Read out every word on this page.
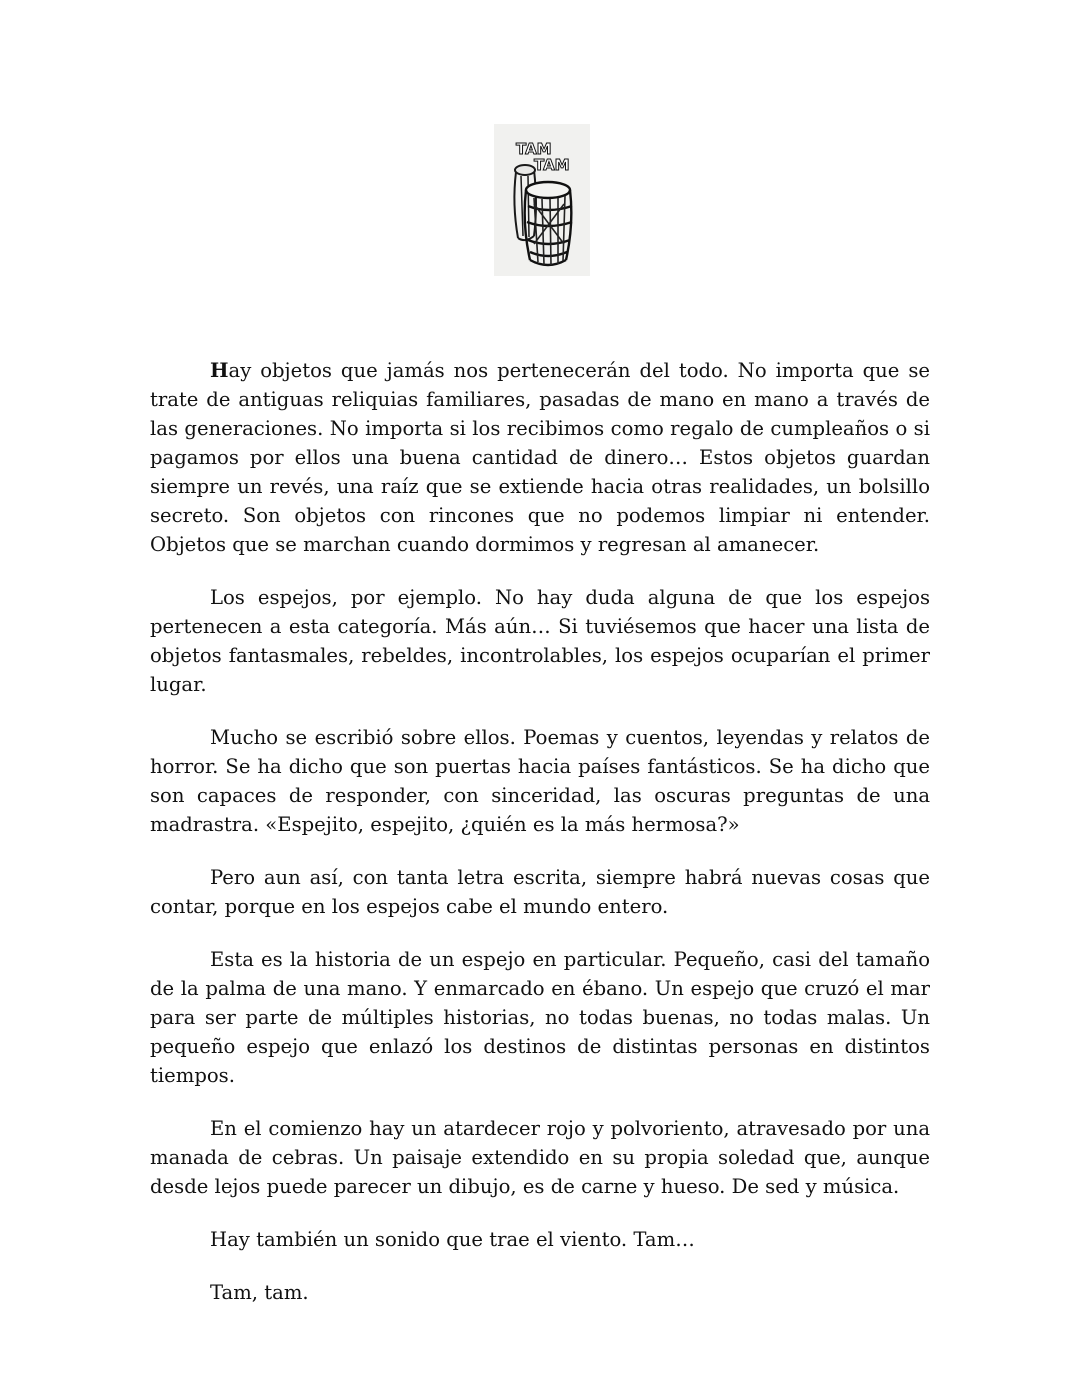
TAM
TAM

Hay objetos que jamás nos pertenecerán del todo. No importa que se trate de antiguas reliquias familiares, pasadas de mano en mano a través de las generaciones. No importa si los recibimos como regalo de cumpleaños o si pagamos por ellos una buena cantidad de dinero… Estos objetos guardan siempre un revés, una raíz que se extiende hacia otras realidades, un bolsillo secreto. Son objetos con rincones que no podemos limpiar ni entender. Objetos que se marchan cuando dormimos y regresan al amanecer.

Los espejos, por ejemplo. No hay duda alguna de que los espejos pertenecen a esta categoría. Más aún… Si tuviésemos que hacer una lista de objetos fantasmales, rebeldes, incontrolables, los espejos ocuparían el primer lugar.

Mucho se escribió sobre ellos. Poemas y cuentos, leyendas y relatos de horror. Se ha dicho que son puertas hacia países fantásticos. Se ha dicho que son capaces de responder, con sinceridad, las oscuras preguntas de una madrastra. «Espejito, espejito, ¿quién es la más hermosa?»

Pero aun así, con tanta letra escrita, siempre habrá nuevas cosas que contar, porque en los espejos cabe el mundo entero.

Esta es la historia de un espejo en particular. Pequeño, casi del tamaño de la palma de una mano. Y enmarcado en ébano. Un espejo que cruzó el mar para ser parte de múltiples historias, no todas buenas, no todas malas. Un pequeño espejo que enlazó los destinos de distintas personas en distintos tiempos.

En el comienzo hay un atardecer rojo y polvoriento, atravesado por una manada de cebras. Un paisaje extendido en su propia soledad que, aunque desde lejos puede parecer un dibujo, es de carne y hueso. De sed y música.

Hay también un sonido que trae el viento. Tam…

Tam, tam.
